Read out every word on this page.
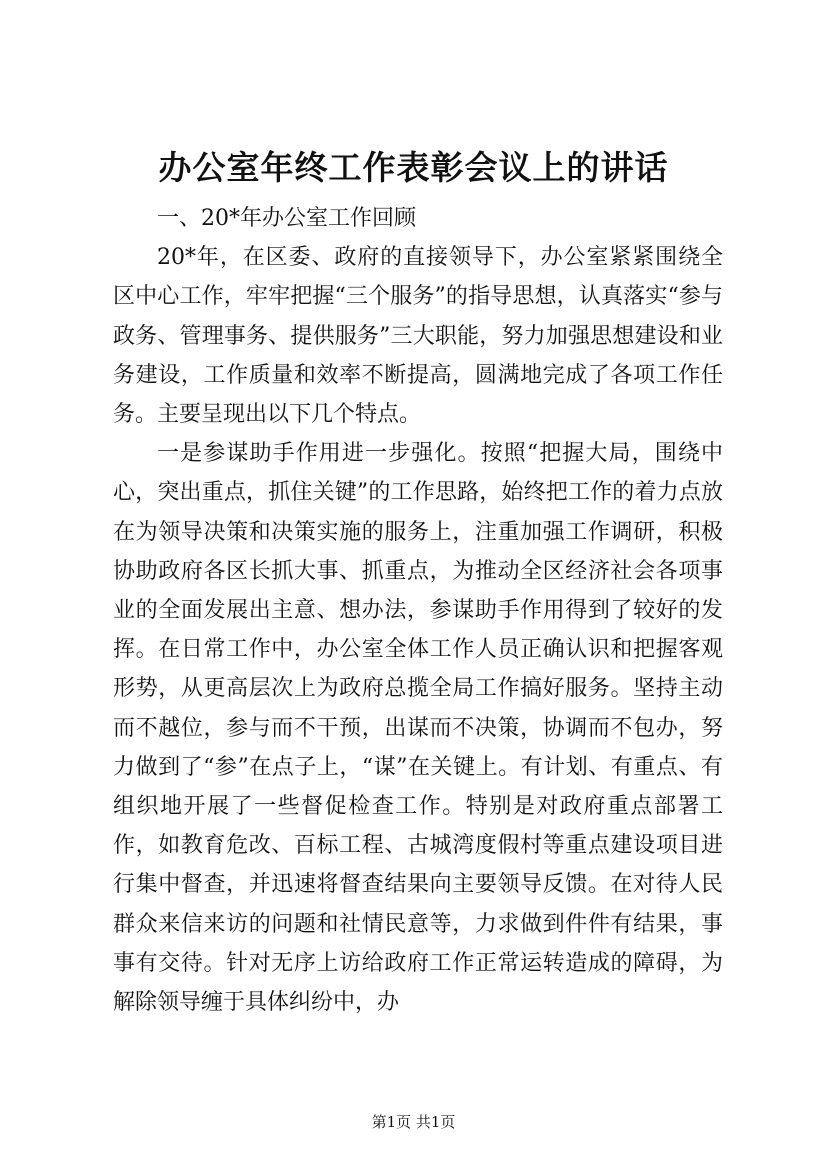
办公室年终工作表彰会议上的讲话

一、20*年办公室工作回顾

20*年，在区委、政府的直接领导下，办公室紧紧围绕全区中心工作，牢牢把握“三个服务”的指导思想，认真落实“参与政务、管理事务、提供服务”三大职能，努力加强思想建设和业务建设，工作质量和效率不断提高，圆满地完成了各项工作任务。主要呈现出以下几个特点。

一是参谋助手作用进一步强化。按照“把握大局，围绕中心，突出重点，抓住关键”的工作思路，始终把工作的着力点放在为领导决策和决策实施的服务上，注重加强工作调研，积极协助政府各区长抓大事、抓重点，为推动全区经济社会各项事业的全面发展出主意、想办法，参谋助手作用得到了较好的发挥。在日常工作中，办公室全体工作人员正确认识和把握客观形势，从更高层次上为政府总揽全局工作搞好服务。坚持主动而不越位，参与而不干预，出谋而不决策，协调而不包办，努力做到了“参”在点子上，“谋”在关键上。有计划、有重点、有组织地开展了一些督促检查工作。特别是对政府重点部署工作，如教育危改、百标工程、古城湾度假村等重点建设项目进行集中督查，并迅速将督查结果向主要领导反馈。在对待人民群众来信来访的问题和社情民意等，力求做到件件有结果，事事有交待。针对无序上访给政府工作正常运转造成的障碍，为解除领导缠于具体纠纷中，办

第1页 共1页
